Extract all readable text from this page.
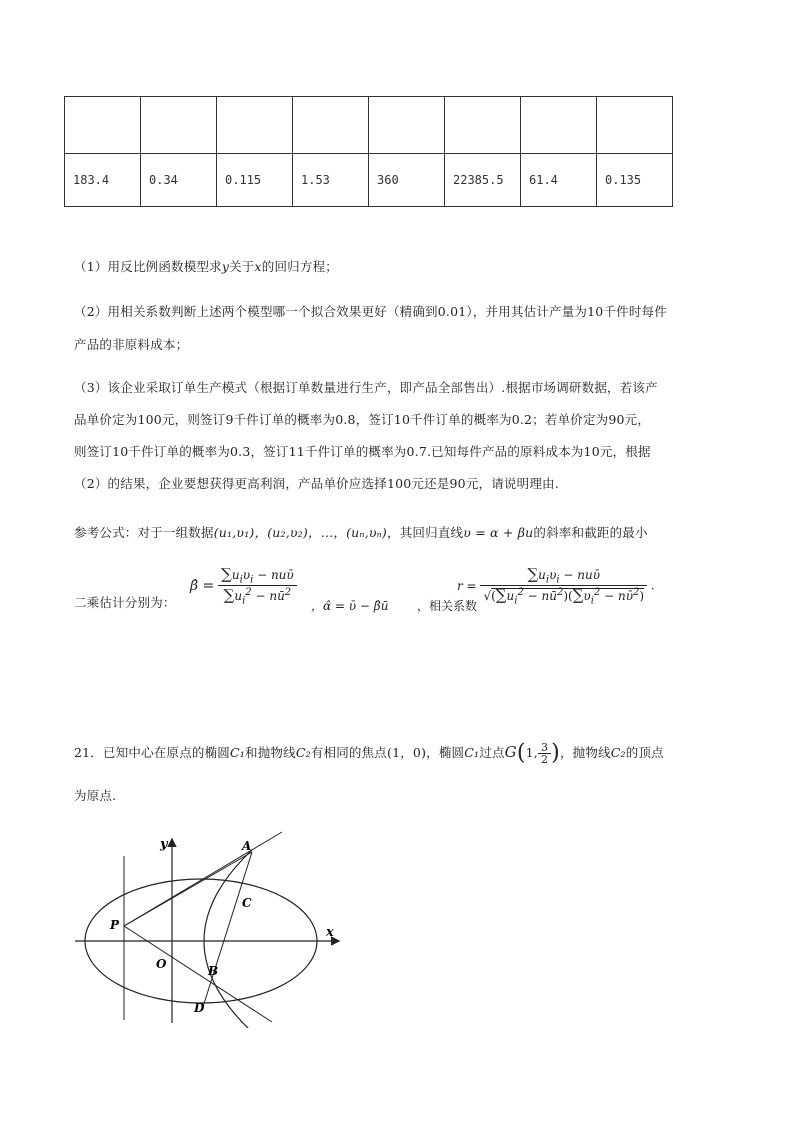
183.4	0.34	0.115	1.53	360	22385.5	61.4	0.135
（1）用反比例函数模型求𝑦关于𝑥的回归方程；
（2）用相关系数判断上述两个模型哪一个拟合效果更好（精确到0.01），并用其估计产量为10千件时每件
产品的非原料成本；
（3）该企业采取订单生产模式（根据订单数量进行生产，即产品全部售出）.根据市场调研数据，若该产
品单价定为100元，则签订9千件订单的概率为0.8，签订10千件订单的概率为0.2；若单价定为90元，
则签订10千件订单的概率为0.3，签订11千件订单的概率为0.7.已知每件产品的原料成本为10元，根据
（2）的结果，企业要想获得更高利润，产品单价应选择100元还是90元，请说明理由.
参考公式：对于一组数据(u₁,υ₁)，(u₂,υ₂)，…，(uₙ,υₙ)，其回归直线υ = α + βu的斜率和截距的最小
二乘估计分别为：
β̂ = $\frac{\sum u_i\upsilon_i - nuῡ}{\sum u_i^2 - nū^2}$ ，α̂ = ῡ − β̂ū ，相关系数
$r = \frac{\sum u_i\upsilon_i - nuῡ}{√(\sum u_i^2 - nū^2)(\sum\upsilon_i^2 - nῡ^2)}$ .
21．已知中心在原点的椭圆C₁和抛物线C₂有相同的焦点(1，0)，椭圆C₁过点G(1, $\frac{3}{2}$ )，抛物线C₂的顶点
为原点.
y
x
A
C
P
O	B
D
